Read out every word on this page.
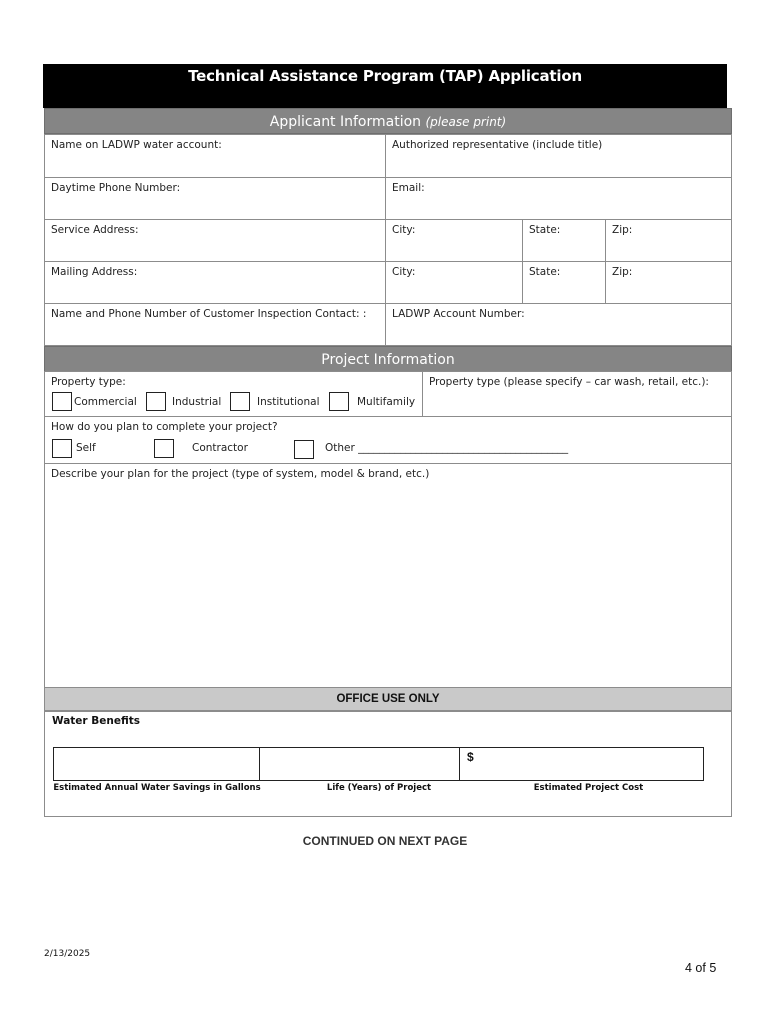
Technical Assistance Program (TAP) Application
Applicant Information (please print)
Name on LADWP water account:	Authorized representative (include title)
Daytime Phone Number:	Email:
Service Address:	City:	State:	Zip:
Mailing Address:	City:	State:	Zip:
Name and Phone Number of Customer Inspection Contact: :	LADWP Account Number:
Project Information
Property type:	Property type (please specify – car wash, retail, etc.):
Commercial	Industrial	Institutional	Multifamily
How do you plan to complete your project?
Self	Contractor	Other ________________________________________
Describe your plan for the project (type of system, model & brand, etc.)
OFFICE USE ONLY
Water Benefits
$
Estimated Annual Water Savings in Gallons	Life (Years) of Project	Estimated Project Cost
CONTINUED ON NEXT PAGE
2/13/2025
4 of 5
